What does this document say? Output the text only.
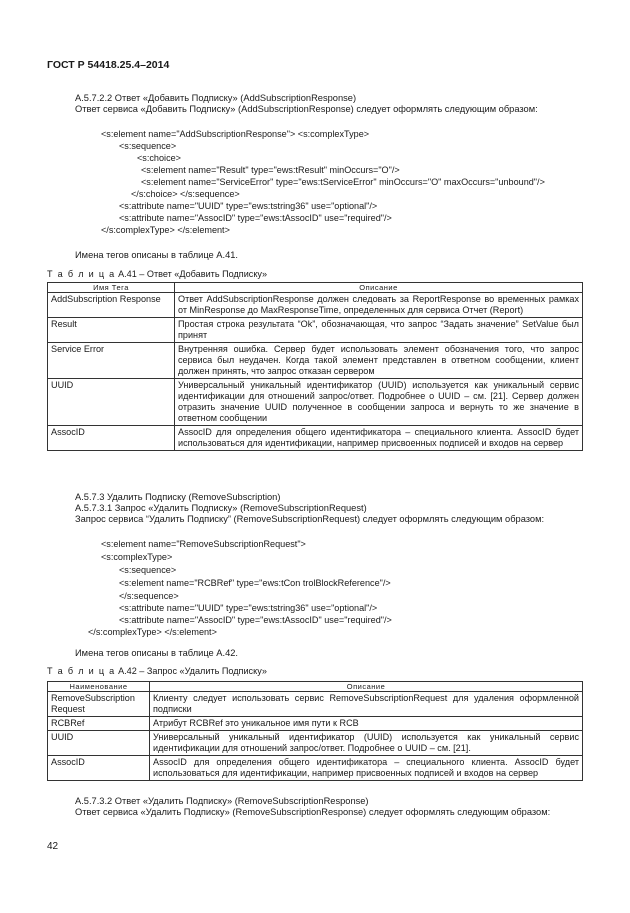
ГОСТ Р 54418.25.4–2014
А.5.7.2.2 Ответ «Добавить Подписку» (AddSubscriptionResponse)
Ответ сервиса «Добавить Подписку» (AddSubscriptionResponse) следует оформлять следующим образом:
<s:element name="AddSubscriptionResponse"> <s:complexType>
<s:sequence>
<s:choice>
<s:element name="Result" type="ews:tResult" minOccurs="O"/>
<s:element name="ServiceError" type="ews:tServiceError" minOccurs="O" maxOccurs="unbound"/>
</s:choice> </s:sequence>
<s:attribute name="UUID" type="ews:tstring36" use="optional"/>
<s:attribute name="AssocID" type="ews:tAssocID" use="required"/>
</s:complexType> </s:element>
Имена тегов описаны в таблице А.41.
Т а б л и ц а А.41 – Ответ «Добавить Подписку»
Имя Тега	Описание
AddSubscription Response	Ответ AddSubscriptionResponse должен следовать за ReportResponse во временных рамках от MinResponse до MaxResponseTime, определенных для сервиса Отчет (Report)
Result	Простая строка результата “Ok”, обозначающая, что запрос “Задать значение” SetValue был принят
Service Error	Внутренняя ошибка. Сервер будет использовать элемент обозначения того, что запрос сервиса был неудачен. Когда такой элемент представлен в ответном сообщении, клиент должен принять, что запрос отказан сервером
UUID	Универсальный уникальный идентификатор (UUID) используется как уникальный сервис идентификации для отношений запрос/ответ. Подробнее о UUID – см. [21]. Сервер должен отразить значение UUID полученное в сообщении запроса и вернуть то же значение в ответном сообщении
AssocID	AssocID для определения общего идентификатора – специального клиента. AssocID будет использоваться для идентификации, например присвоенных подписей и входов на сервер
А.5.7.3 Удалить Подписку (RemoveSubscription)
А.5.7.3.1 Запрос «Удалить Подписку» (RemoveSubscriptionRequest)
Запрос сервиса “Удалить Подписку” (RemoveSubscriptionRequest) следует оформлять следующим образом:
<s:element name="RemoveSubscriptionRequest">
<s:complexType>
<s:sequence>
<s:element name="RCBRef" type="ews:tCon trolBlockReference"/>
</s:sequence>
<s:attribute name="UUID" type="ews:tstring36" use="optional"/>
<s:attribute name="AssocID" type="ews:tAssocID" use="required"/>
</s:complexType> </s:element>
Имена тегов описаны в таблице А.42.
Т а б л и ц а А.42 – Запрос «Удалить Подписку»
Наименование	Описание
RemoveSubscription Request	Клиенту следует использовать сервис RemoveSubscriptionRequest для удаления оформленной подписки
RCBRef	Атрибут RCBRef это уникальное имя пути к RCB
UUID	Универсальный уникальный идентификатор (UUID) используется как уникальный сервис идентификации для отношений запрос/ответ. Подробнее о UUID – см. [21].
AssocID	AssocID для определения общего идентификатора – специального клиента. AssocID будет использоваться для идентификации, например присвоенных подписей и входов на сервер
А.5.7.3.2 Ответ «Удалить Подписку» (RemoveSubscriptionResponse)
Ответ сервиса «Удалить Подписку» (RemoveSubscriptionResponse) следует оформлять следующим образом:
42
